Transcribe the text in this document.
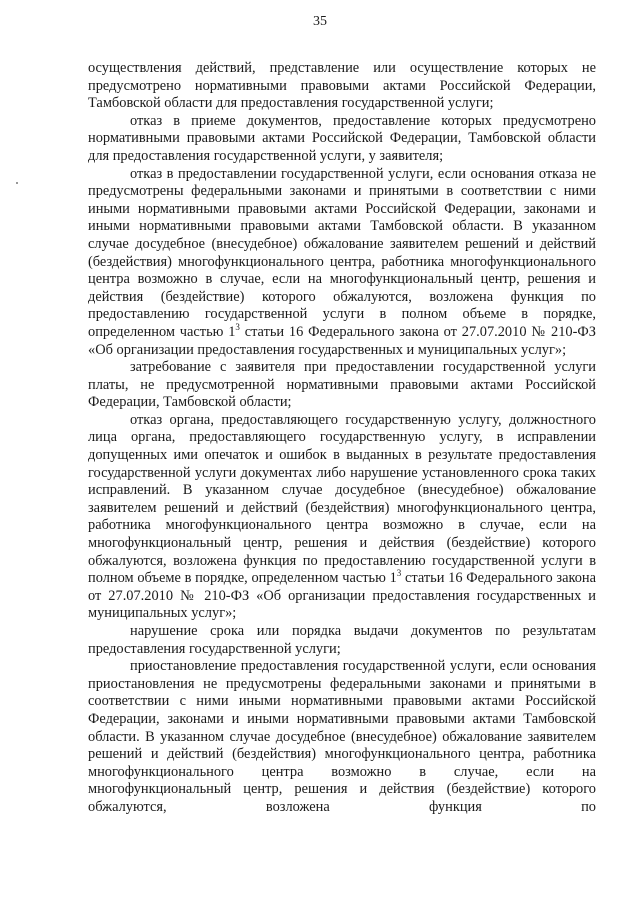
35

осуществления действий, представление или осуществление которых не предусмотрено нормативными правовыми актами Российской Федерации, Тамбовской области для предоставления государственной услуги;

отказ в приеме документов, предоставление которых предусмотрено нормативными правовыми актами Российской Федерации, Тамбовской области для предоставления государственной услуги, у заявителя;

отказ в предоставлении государственной услуги, если основания отказа не предусмотрены федеральными законами и принятыми в соответствии с ними иными нормативными правовыми актами Российской Федерации, законами и иными нормативными правовыми актами Тамбовской области. В указанном случае досудебное (внесудебное) обжалование заявителем решений и действий (бездействия) многофункционального центра, работника многофункционального центра возможно в случае, если на многофункциональный центр, решения и действия (бездействие) которого обжалуются, возложена функция по предоставлению государственной услуги в полном объеме в порядке, определенном частью $1^3$ статьи 16 Федерального закона от 27.07.2010 № 210-ФЗ «Об организации предоставления государственных и муниципальных услуг»;

затребование с заявителя при предоставлении государственной услуги платы, не предусмотренной нормативными правовыми актами Российской Федерации, Тамбовской области;

отказ органа, предоставляющего государственную услугу, должностного лица органа, предоставляющего государственную услугу, в исправлении допущенных ими опечаток и ошибок в выданных в результате предоставления государственной услуги документах либо нарушение установленного срока таких исправлений. В указанном случае досудебное (внесудебное) обжалование заявителем решений и действий (бездействия) многофункционального центра, работника многофункционального центра возможно в случае, если на многофункциональный центр, решения и действия (бездействие) которого обжалуются, возложена функция по предоставлению государственной услуги в полном объеме в порядке, определенном частью $1^3$ статьи 16 Федерального закона от 27.07.2010 № 210-ФЗ «Об организации предоставления государственных и муниципальных услуг»;

нарушение срока или порядка выдачи документов по результатам предоставления государственной услуги;

приостановление предоставления государственной услуги, если основания приостановления не предусмотрены федеральными законами и принятыми в соответствии с ними иными нормативными правовыми актами Российской Федерации, законами и иными нормативными правовыми актами Тамбовской области. В указанном случае досудебное (внесудебное) обжалование заявителем решений и действий (бездействия) многофункционального центра, работника многофункционального центра возможно в случае, если на многофункциональный центр, решения и действия (бездействие) которого обжалуются, возложена функция по
